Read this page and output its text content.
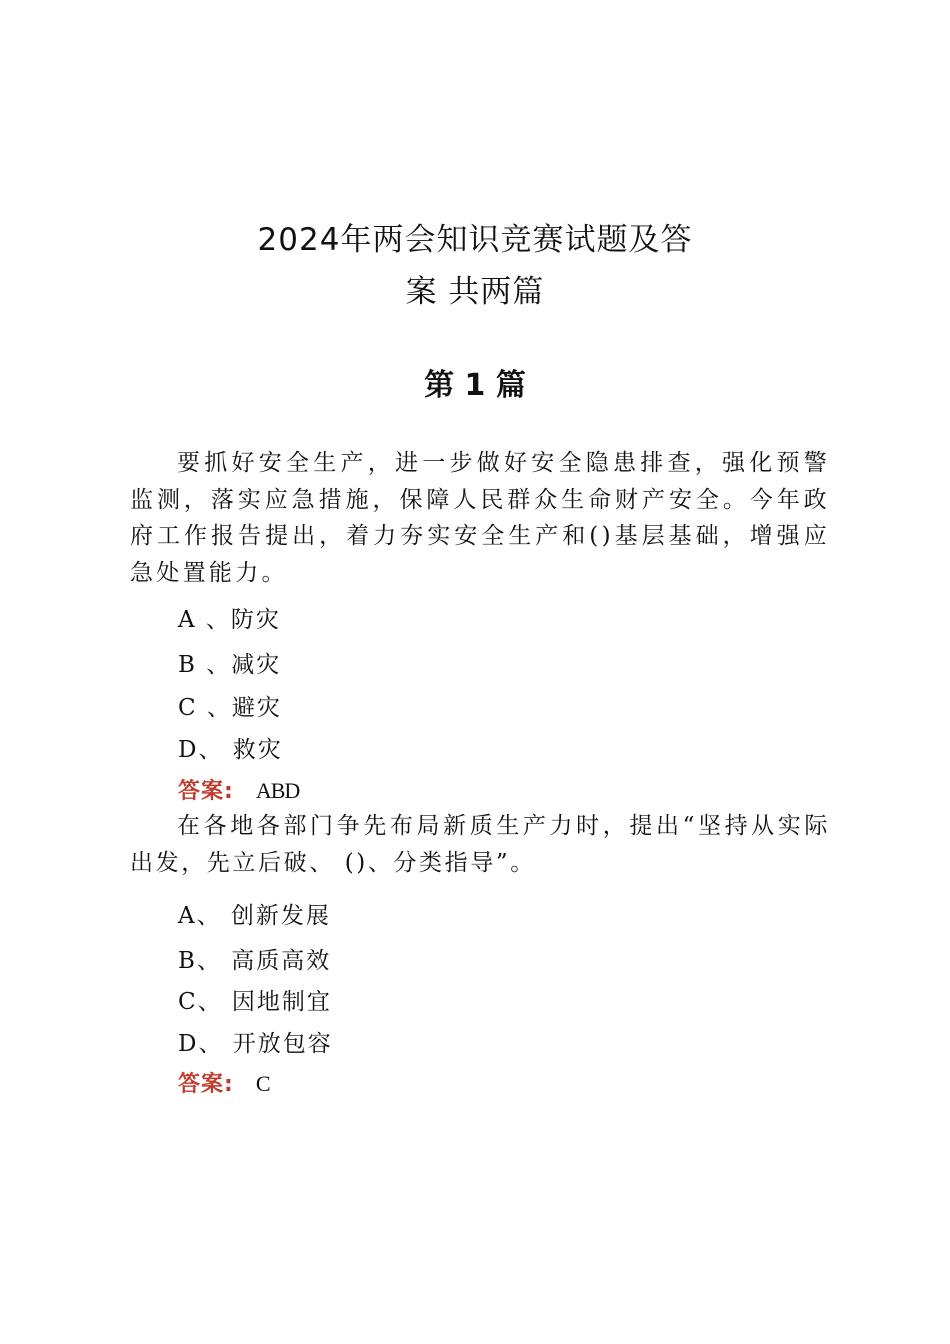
2024年两会知识竞赛试题及答
案 共两篇
第 1 篇

要抓好安全生产，进一步做好安全隐患排查，强化预警监测，落实应急措施，保障人民群众生命财产安全。今年政府工作报告提出，着力夯实安全生产和()基层基础，增强应急处置能力。

A 、防灾
B 、减灾
C 、避灾
D、 救灾
答案: ABD

在各地各部门争先布局新质生产力时，提出“坚持从实际出发，先立后破、 ()、分类指导”。

A、 创新发展
B、 高质高效
C、 因地制宜
D、 开放包容
答案: C
